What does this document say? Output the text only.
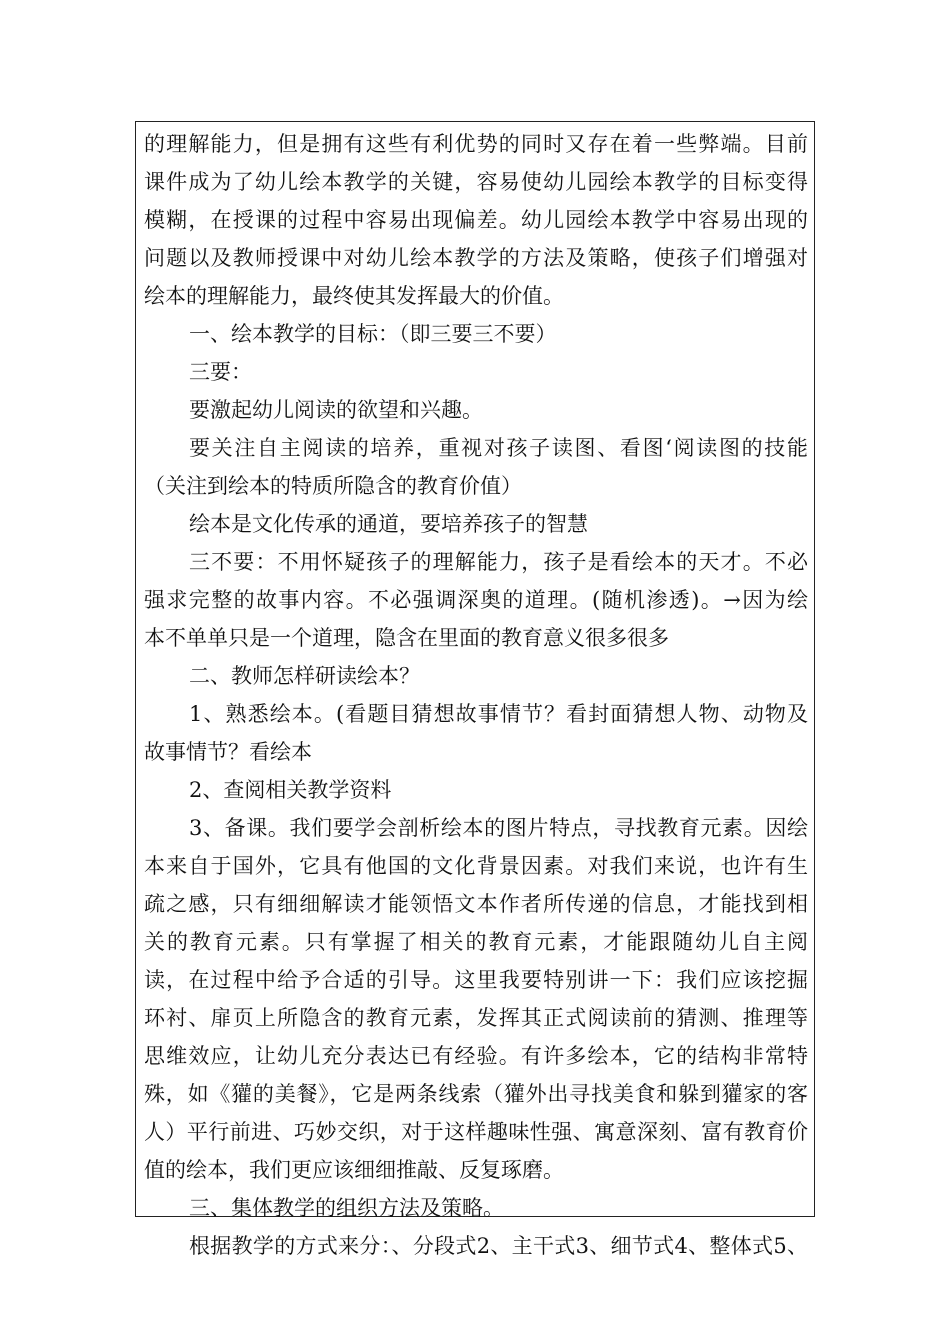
的理解能力，但是拥有这些有利优势的同时又存在着一些弊端。目前
课件成为了幼儿绘本教学的关键，容易使幼儿园绘本教学的目标变得
模糊，在授课的过程中容易出现偏差。幼儿园绘本教学中容易出现的
问题以及教师授课中对幼儿绘本教学的方法及策略，使孩子们增强对
绘本的理解能力，最终使其发挥最大的价值。
一、绘本教学的目标：（即三要三不要）
三要：
要激起幼儿阅读的欲望和兴趣。
要关注自主阅读的培养，重视对孩子读图、看图‘阅读图的技能
（关注到绘本的特质所隐含的教育价值）
绘本是文化传承的通道，要培养孩子的智慧
三不要：不用怀疑孩子的理解能力，孩子是看绘本的天才。不必
强求完整的故事内容。不必强调深奥的道理。(随机渗透)。→因为绘
本不单单只是一个道理，隐含在里面的教育意义很多很多
二、教师怎样研读绘本？
1、熟悉绘本。(看题目猜想故事情节？看封面猜想人物、动物及
故事情节？看绘本
2、查阅相关教学资料
3、备课。我们要学会剖析绘本的图片特点，寻找教育元素。因绘
本来自于国外，它具有他国的文化背景因素。对我们来说，也许有生
疏之感，只有细细解读才能领悟文本作者所传递的信息，才能找到相
关的教育元素。只有掌握了相关的教育元素，才能跟随幼儿自主阅
读，在过程中给予合适的引导。这里我要特别讲一下：我们应该挖掘
环衬、扉页上所隐含的教育元素，发挥其正式阅读前的猜测、推理等
思维效应，让幼儿充分表达已有经验。有许多绘本，它的结构非常特
殊，如《獾的美餐》，它是两条线索（獾外出寻找美食和躲到獾家的客
人）平行前进、巧妙交织，对于这样趣味性强、寓意深刻、富有教育价
值的绘本，我们更应该细细推敲、反复琢磨。
三、集体教学的组织方法及策略。
根据教学的方式来分：、分段式2、主干式3、细节式4、整体式5、
